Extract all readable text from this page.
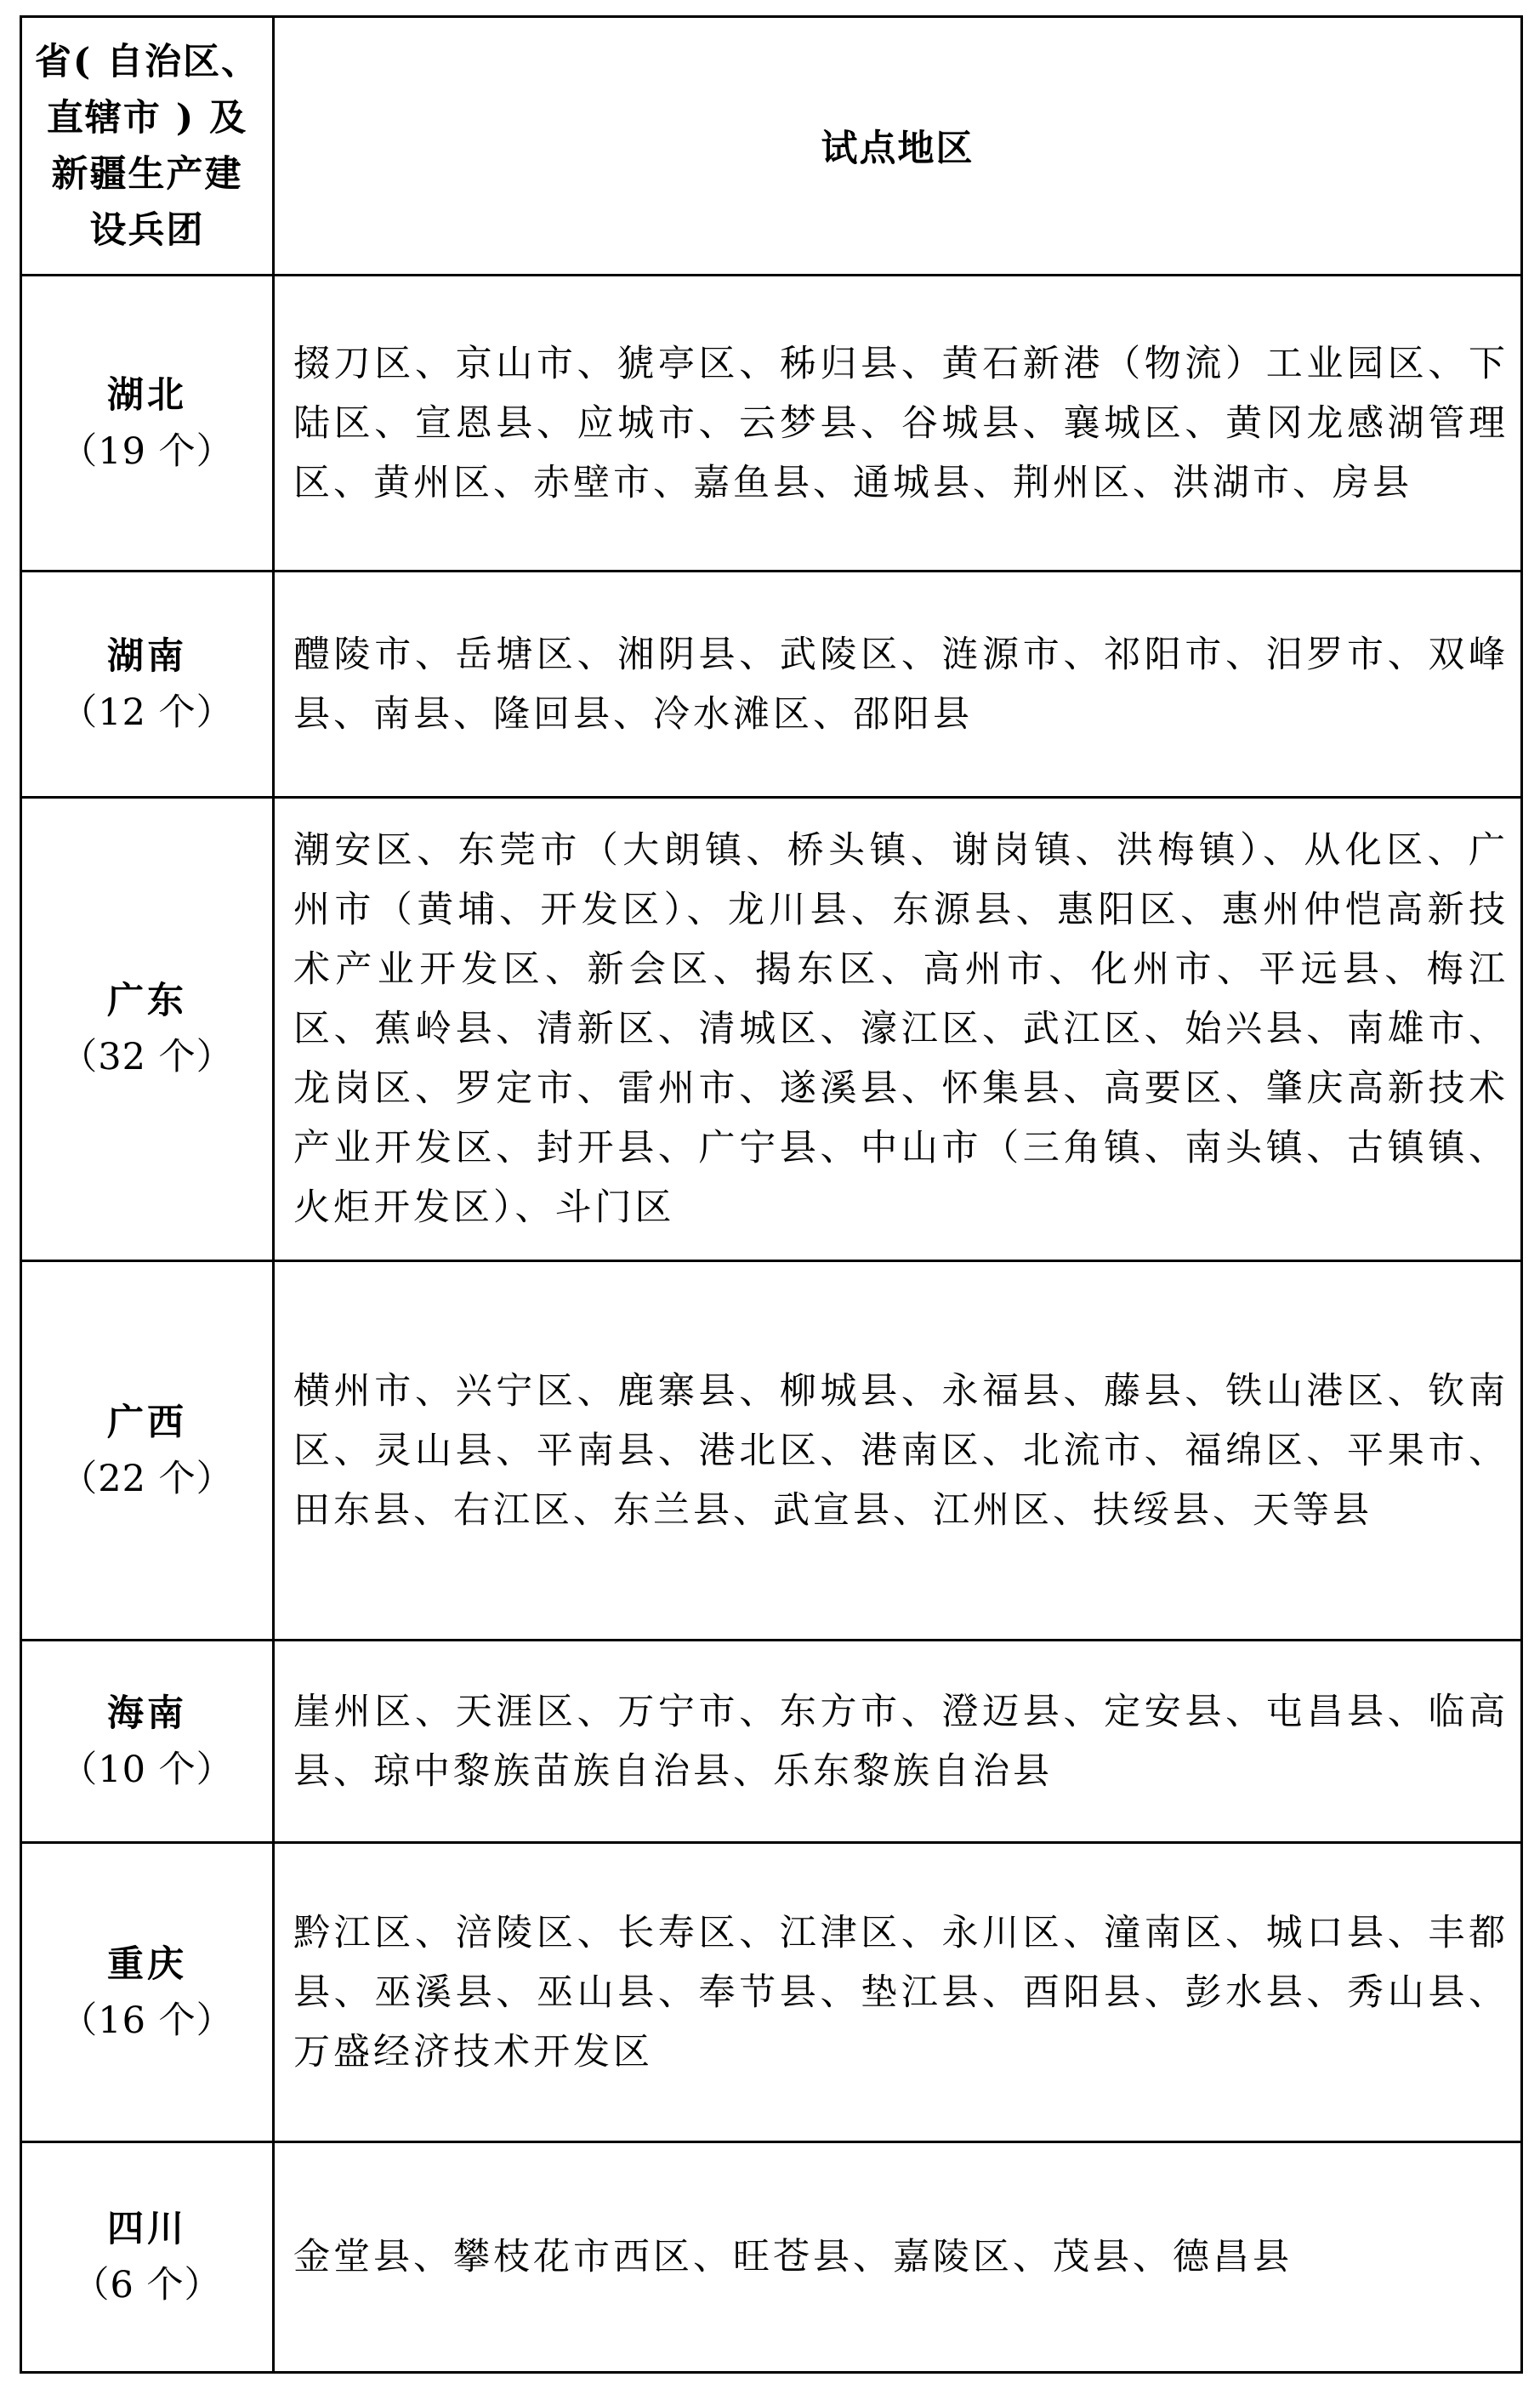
省( 自治区、
直辖市 ) 及
新疆生产建
设兵团	试点地区

湖北
（19 个）	掇刀区、京山市、猇亭区、秭归县、黄石新港（物流）工业园区、下陆区、宣恩县、应城市、云梦县、谷城县、襄城区、黄冈龙感湖管理区、黄州区、赤壁市、嘉鱼县、通城县、荆州区、洪湖市、房县

湖南
（12 个）	醴陵市、岳塘区、湘阴县、武陵区、涟源市、祁阳市、汨罗市、双峰县、南县、隆回县、冷水滩区、邵阳县

广东
（32 个）	潮安区、东莞市（大朗镇、桥头镇、谢岗镇、洪梅镇）、从化区、广州市（黄埔、开发区）、龙川县、东源县、惠阳区、惠州仲恺高新技术产业开发区、新会区、揭东区、高州市、化州市、平远县、梅江区、蕉岭县、清新区、清城区、濠江区、武江区、始兴县、南雄市、龙岗区、罗定市、雷州市、遂溪县、怀集县、高要区、肇庆高新技术产业开发区、封开县、广宁县、中山市（三角镇、南头镇、古镇镇、火炬开发区）、斗门区

广西
（22 个）	横州市、兴宁区、鹿寨县、柳城县、永福县、藤县、铁山港区、钦南区、灵山县、平南县、港北区、港南区、北流市、福绵区、平果市、田东县、右江区、东兰县、武宣县、江州区、扶绥县、天等县

海南
（10 个）	崖州区、天涯区、万宁市、东方市、澄迈县、定安县、屯昌县、临高县、琼中黎族苗族自治县、乐东黎族自治县

重庆
（16 个）	黔江区、涪陵区、长寿区、江津区、永川区、潼南区、城口县、丰都县、巫溪县、巫山县、奉节县、垫江县、酉阳县、彭水县、秀山县、万盛经济技术开发区

四川
（6 个）	金堂县、攀枝花市西区、旺苍县、嘉陵区、茂县、德昌县
